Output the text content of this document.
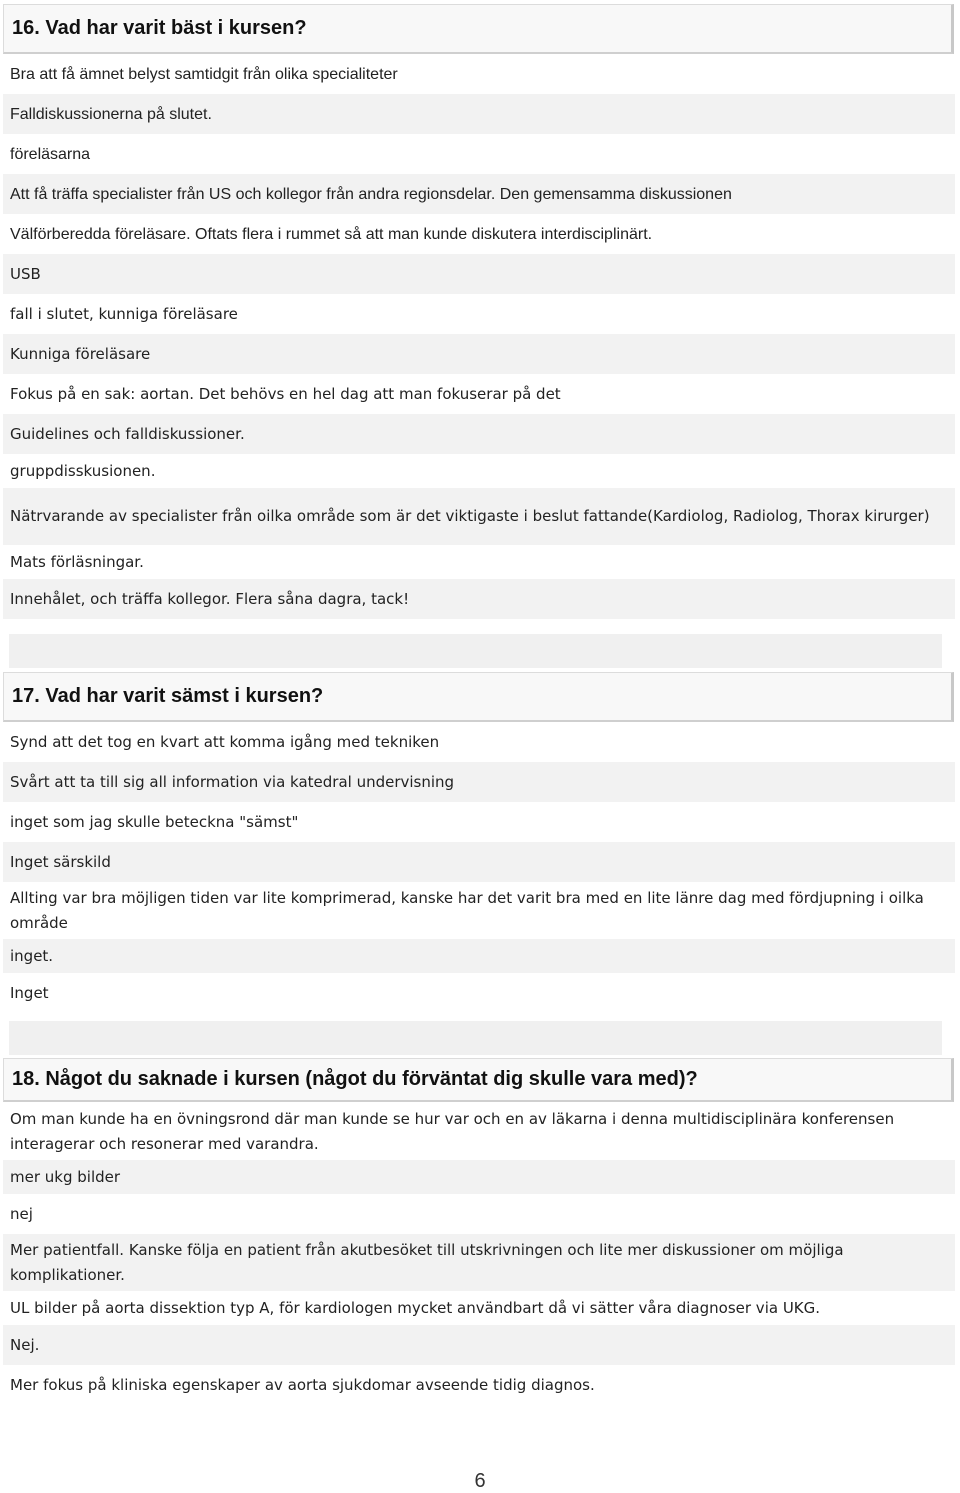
16. Vad har varit bäst i kursen?
Bra att få ämnet belyst samtidgit från olika specialiteter
Falldiskussionerna på slutet.
föreläsarna
Att få träffa specialister från US och kollegor från andra regionsdelar. Den gemensamma diskussionen
Välförberedda föreläsare. Oftats flera i rummet så att man kunde diskutera interdisciplinärt.
USB
fall i slutet, kunniga föreläsare
Kunniga föreläsare
Fokus på en sak: aortan. Det behövs en hel dag att man fokuserar på det
Guidelines och falldiskussioner.
gruppdisskusionen.
Nätrvarande av specialister från oilka område som är det viktigaste i beslut fattande(Kardiolog, Radiolog, Thorax kirurger)
Mats förläsningar.
Innehålet, och träffa kollegor. Flera såna dagra, tack!
17. Vad har varit sämst i kursen?
Synd att det tog en kvart att komma igång med tekniken
Svårt att ta till sig all information via katedral undervisning
inget som jag skulle beteckna "sämst"
Inget särskild
Allting var bra möjligen tiden var lite komprimerad, kanske har det varit bra med en lite länre dag med fördjupning i oilka område
inget.
Inget
18. Något du saknade i kursen (något du förväntat dig skulle vara med)?
Om man kunde ha en övningsrond där man kunde se hur var och en av läkarna i denna multidisciplinära konferensen interagerar och resonerar med varandra.
mer ukg bilder
nej
Mer patientfall. Kanske följa en patient från akutbesöket till utskrivningen och lite mer diskussioner om möjliga komplikationer.
UL bilder på aorta dissektion typ A, för kardiologen mycket användbart då vi sätter våra diagnoser via UKG.
Nej.
Mer fokus på kliniska egenskaper av aorta sjukdomar avseende tidig diagnos.
6
